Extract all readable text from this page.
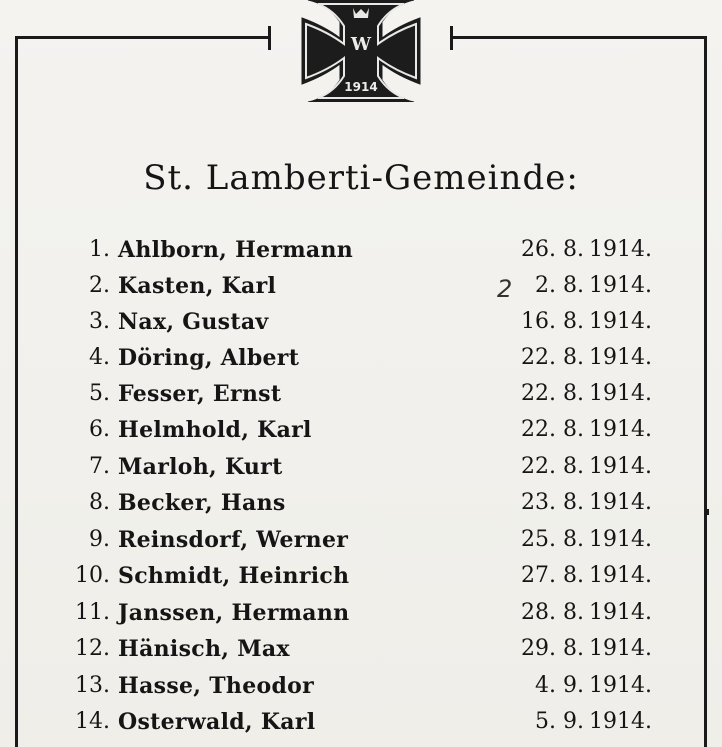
W
1914
St. Lamberti-Gemeinde:
2
1. Ahlborn, Hermann	26. 8. 1914.
2. Kasten, Karl	2. 8. 1914.
3. Nax, Gustav	16. 8. 1914.
4. Döring, Albert	22. 8. 1914.
5. Fesser, Ernst	22. 8. 1914.
6. Helmhold, Karl	22. 8. 1914.
7. Marloh, Kurt	22. 8. 1914.
8. Becker, Hans	23. 8. 1914.
9. Reinsdorf, Werner	25. 8. 1914.
10. Schmidt, Heinrich	27. 8. 1914.
11. Janssen, Hermann	28. 8. 1914.
12. Hänisch, Max	29. 8. 1914.
13. Hasse, Theodor	4. 9. 1914.
14. Osterwald, Karl	5. 9. 1914.
